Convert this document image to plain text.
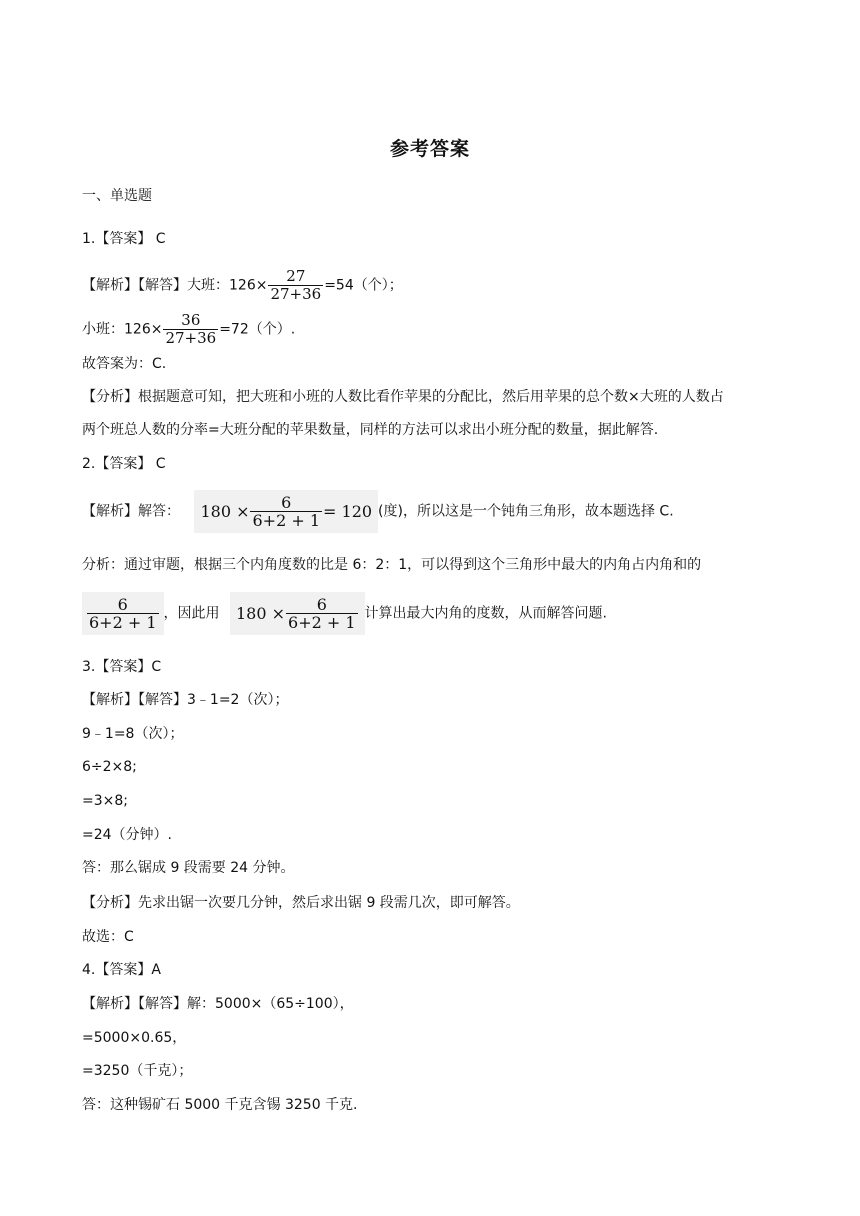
参考答案
一、单选题
1.【答案】 C
【解析】【解答】大班：$126\times \frac{27}{27+36} =54$（个）；
小班：$126\times \frac{36}{27+36} =72$（个）.
故答案为：C.
【分析】根据题意可知，把大班和小班的人数比看作苹果的分配比，然后用苹果的总个数×大班的人数占
两个班总人数的分率=大班分配的苹果数量，同样的方法可以求出小班分配的数量，据此解答.
2.【答案】 C
【解析】解答： $180 \times \frac{6}{6+2 + 1} = 120$ (度)，所以这是一个钝角三角形，故本题选择 C.
分析：通过审题，根据三个内角度数的比是 6：2：1，可以得到这个三角形中最大的内角占内角和的
$\frac{6}{6+2 + 1}$ ，因此用 $180 \times \frac{6}{6+2 + 1}$ 计算出最大内角的度数，从而解答问题.
3.【答案】C
【解析】【解答】3﹣1=2（次）；
9﹣1=8（次）；
6÷2×8;
=3×8;
=24（分钟）.
答：那么锯成 9 段需要 24 分钟。
【分析】先求出锯一次要几分钟，然后求出锯 9 段需几次，即可解答。
故选：C
4.【答案】A
【解析】【解答】解：5000×（65÷100），
=5000×0.65，
=3250（千克）；
答：这种锡矿石 5000 千克含锡 3250 千克.
